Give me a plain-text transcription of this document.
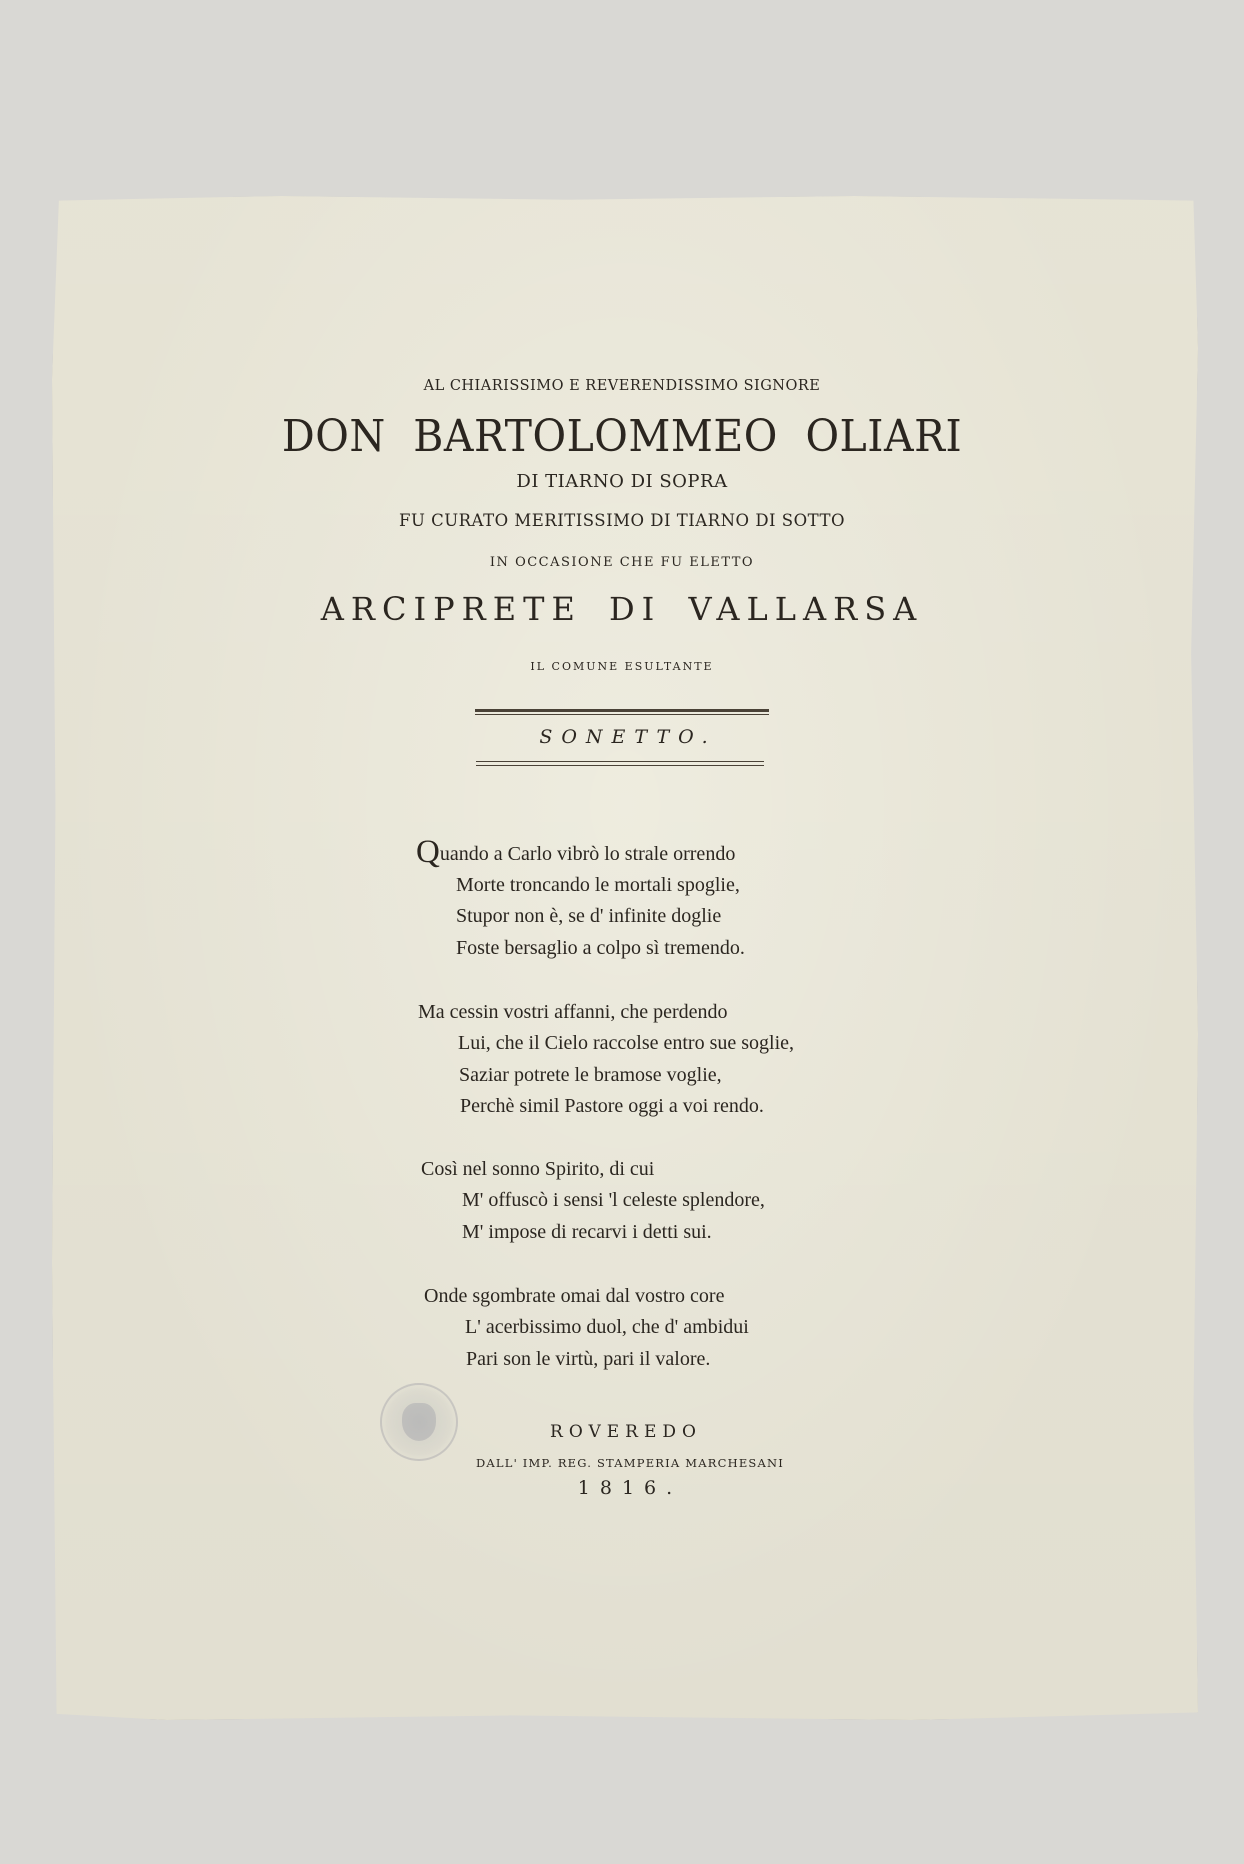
AL CHIARISSIMO E REVERENDISSIMO SIGNORE
DON BARTOLOMMEO OLIARI
DI TIARNO DI SOPRA
FU CURATO MERITISSIMO DI TIARNO DI SOTTO
IN OCCASIONE CHE FU ELETTO
ARCIPRETE DI VALLARSA
IL COMUNE ESULTANTE
SONETTO.
Quando a Carlo vibrò lo strale orrendo
Morte troncando le mortali spoglie,
Stupor non è, se d' infinite doglie
Foste bersaglio a colpo sì tremendo.
Ma cessin vostri affanni, che perdendo
Lui, che il Cielo raccolse entro sue soglie,
Saziar potrete le bramose voglie,
Perchè simil Pastore oggi a voi rendo.
Così nel sonno Spirito, di cui
M' offuscò i sensi 'l celeste splendore,
M' impose di recarvi i detti sui.
Onde sgombrate omai dal vostro core
L' acerbissimo duol, che d' ambidui
Pari son le virtù, pari il valore.
ROVEREDO
DALL' IMP. REG. STAMPERIA MARCHESANI
1816.
